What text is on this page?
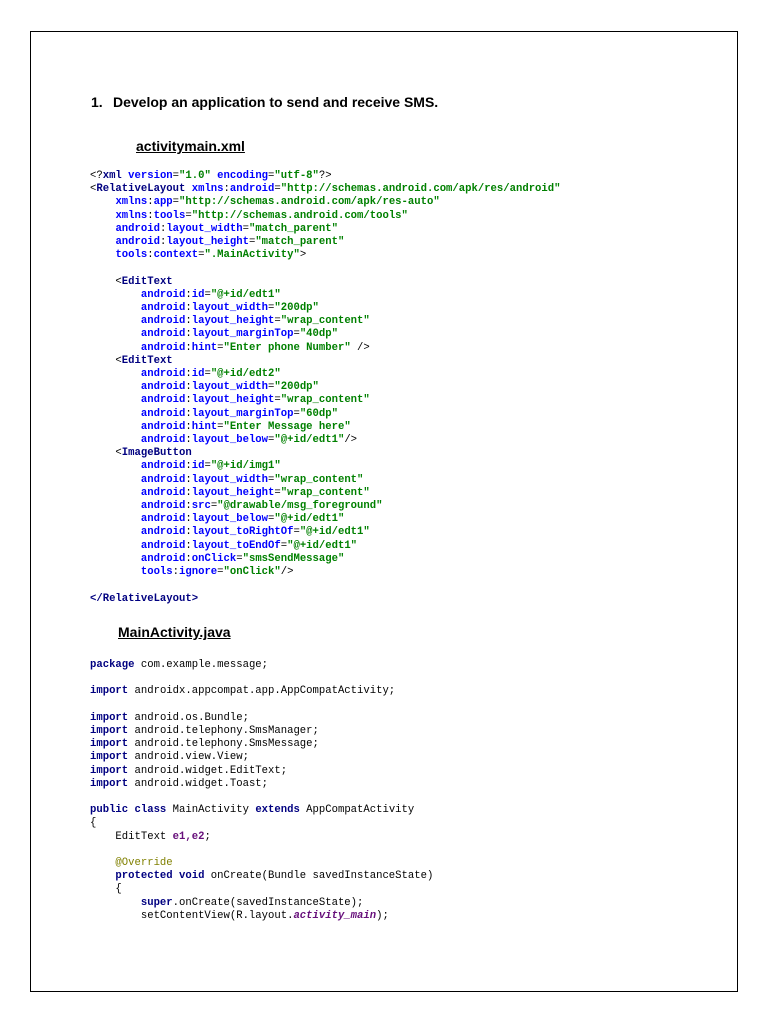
1. Develop an application to send and receive SMS.

activitymain.xml

<?xml version="1.0" encoding="utf-8"?>
<RelativeLayout xmlns:android="http://schemas.android.com/apk/res/android"
xmlns:app="http://schemas.android.com/apk/res-auto"
xmlns:tools="http://schemas.android.com/tools"
android:layout_width="match_parent"
android:layout_height="match_parent"
tools:context=".MainActivity">

<EditText
android:id="@+id/edt1"
android:layout_width="200dp"
android:layout_height="wrap_content"
android:layout_marginTop="40dp"
android:hint="Enter phone Number" />
<EditText
android:id="@+id/edt2"
android:layout_width="200dp"
android:layout_height="wrap_content"
android:layout_marginTop="60dp"
android:hint="Enter Message here"
android:layout_below="@+id/edt1"/>
<ImageButton
android:id="@+id/img1"
android:layout_width="wrap_content"
android:layout_height="wrap_content"
android:src="@drawable/msg_foreground"
android:layout_below="@+id/edt1"
android:layout_toRightOf="@+id/edt1"
android:layout_toEndOf="@+id/edt1"
android:onClick="smsSendMessage"
tools:ignore="onClick"/>

</RelativeLayout>

MainActivity.java

package com.example.message;

import androidx.appcompat.app.AppCompatActivity;

import android.os.Bundle;
import android.telephony.SmsManager;
import android.telephony.SmsMessage;
import android.view.View;
import android.widget.EditText;
import android.widget.Toast;

public class MainActivity extends AppCompatActivity
{
EditText e1,e2;

@Override
protected void onCreate(Bundle savedInstanceState)
{
super.onCreate(savedInstanceState);
setContentView(R.layout.activity_main);
